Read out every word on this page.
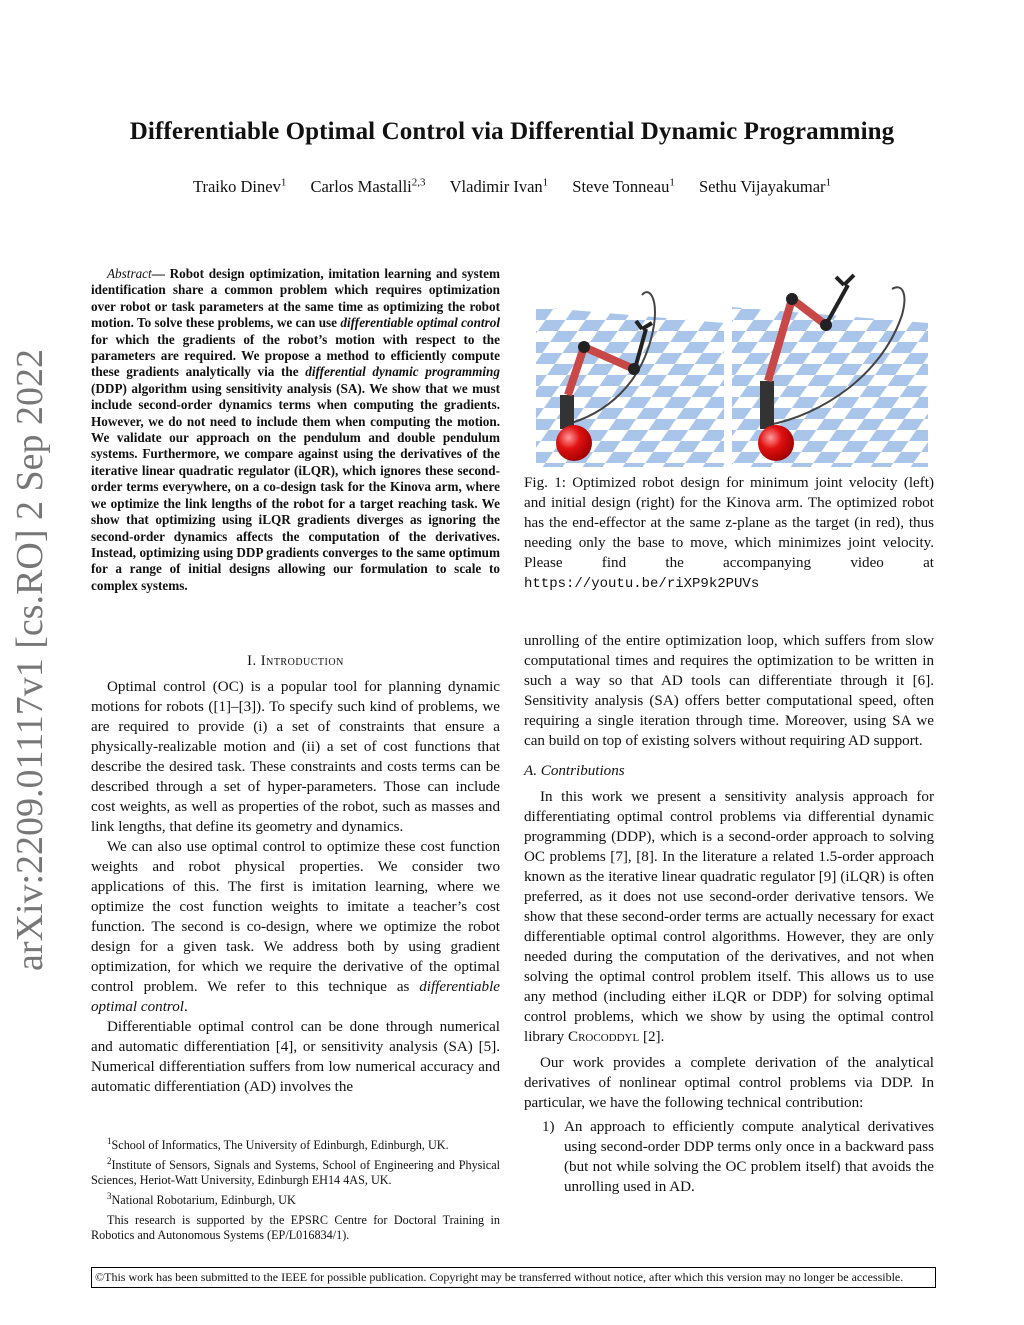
Differentiable Optimal Control via Differential Dynamic Programming
Traiko Dinev$^1$ Carlos Mastalli$^{2,3}$ Vladimir Ivan$^1$ Steve Tonneau$^1$ Sethu Vijayakumar$^1$
arXiv:2209.01117v1 [cs.RO] 2 Sep 2022
Abstract— Robot design optimization, imitation learning and system identification share a common problem which requires optimization over robot or task parameters at the same time as optimizing the robot motion. To solve these problems, we can use differentiable optimal control for which the gradients of the robot’s motion with respect to the parameters are required. We propose a method to efficiently compute these gradients analytically via the differential dynamic programming (DDP) algorithm using sensitivity analysis (SA). We show that we must include second-order dynamics terms when computing the gradients. However, we do not need to include them when computing the motion. We validate our approach on the pendulum and double pendulum systems. Furthermore, we compare against using the derivatives of the iterative linear quadratic regulator (iLQR), which ignores these second-order terms everywhere, on a co-design task for the Kinova arm, where we optimize the link lengths of the robot for a target reaching task. We show that optimizing using iLQR gradients diverges as ignoring the second-order dynamics affects the computation of the derivatives. Instead, optimizing using DDP gradients converges to the same optimum for a range of initial designs allowing our formulation to scale to complex systems.
I. Introduction

Optimal control (OC) is a popular tool for planning dynamic motions for robots ([1]–[3]). To specify such kind of problems, we are required to provide (i) a set of constraints that ensure a physically-realizable motion and (ii) a set of cost functions that describe the desired task. These constraints and costs terms can be described through a set of hyper-parameters. Those can include cost weights, as well as properties of the robot, such as masses and link lengths, that define its geometry and dynamics.

We can also use optimal control to optimize these cost function weights and robot physical properties. We consider two applications of this. The first is imitation learning, where we optimize the cost function weights to imitate a teacher’s cost function. The second is co-design, where we optimize the robot design for a given task. We address both by using gradient optimization, for which we require the derivative of the optimal control problem. We refer to this technique as differentiable optimal control.

Differentiable optimal control can be done through numerical and automatic differentiation [4], or sensitivity analysis (SA) [5]. Numerical differentiation suffers from low numerical accuracy and automatic differentiation (AD) involves the

$^1$School of Informatics, The University of Edinburgh, Edinburgh, UK.
$^2$Institute of Sensors, Signals and Systems, School of Engineering and Physical Sciences, Heriot-Watt University, Edinburgh EH14 4AS, UK.
$^3$National Robotarium, Edinburgh, UK
This research is supported by the EPSRC Centre for Doctoral Training in Robotics and Autonomous Systems (EP/L016834/1).
Fig. 1: Optimized robot design for minimum joint velocity (left) and initial design (right) for the Kinova arm. The optimized robot has the end-effector at the same z-plane as the target (in red), thus needing only the base to move, which minimizes joint velocity. Please find the accompanying video at https://youtu.be/riXP9k2PUVs

unrolling of the entire optimization loop, which suffers from slow computational times and requires the optimization to be written in such a way so that AD tools can differentiate through it [6]. Sensitivity analysis (SA) offers better computational speed, often requiring a single iteration through time. Moreover, using SA we can build on top of existing solvers without requiring AD support.

A. Contributions

In this work we present a sensitivity analysis approach for differentiating optimal control problems via differential dynamic programming (DDP), which is a second-order approach to solving OC problems [7], [8]. In the literature a related 1.5-order approach known as the iterative linear quadratic regulator [9] (iLQR) is often preferred, as it does not use second-order derivative tensors. We show that these second-order terms are actually necessary for exact differentiable optimal control algorithms. However, they are only needed during the computation of the derivatives, and not when solving the optimal control problem itself. This allows us to use any method (including either iLQR or DDP) for solving optimal control problems, which we show by using the optimal control library Crocoddyl [2].

Our work provides a complete derivation of the analytical derivatives of nonlinear optimal control problems via DDP. In particular, we have the following technical contribution:

1) An approach to efficiently compute analytical derivatives using second-order DDP terms only once in a backward pass (but not while solving the OC problem itself) that avoids the unrolling used in AD.
©This work has been submitted to the IEEE for possible publication. Copyright may be transferred without notice, after which this version may no longer be accessible.
